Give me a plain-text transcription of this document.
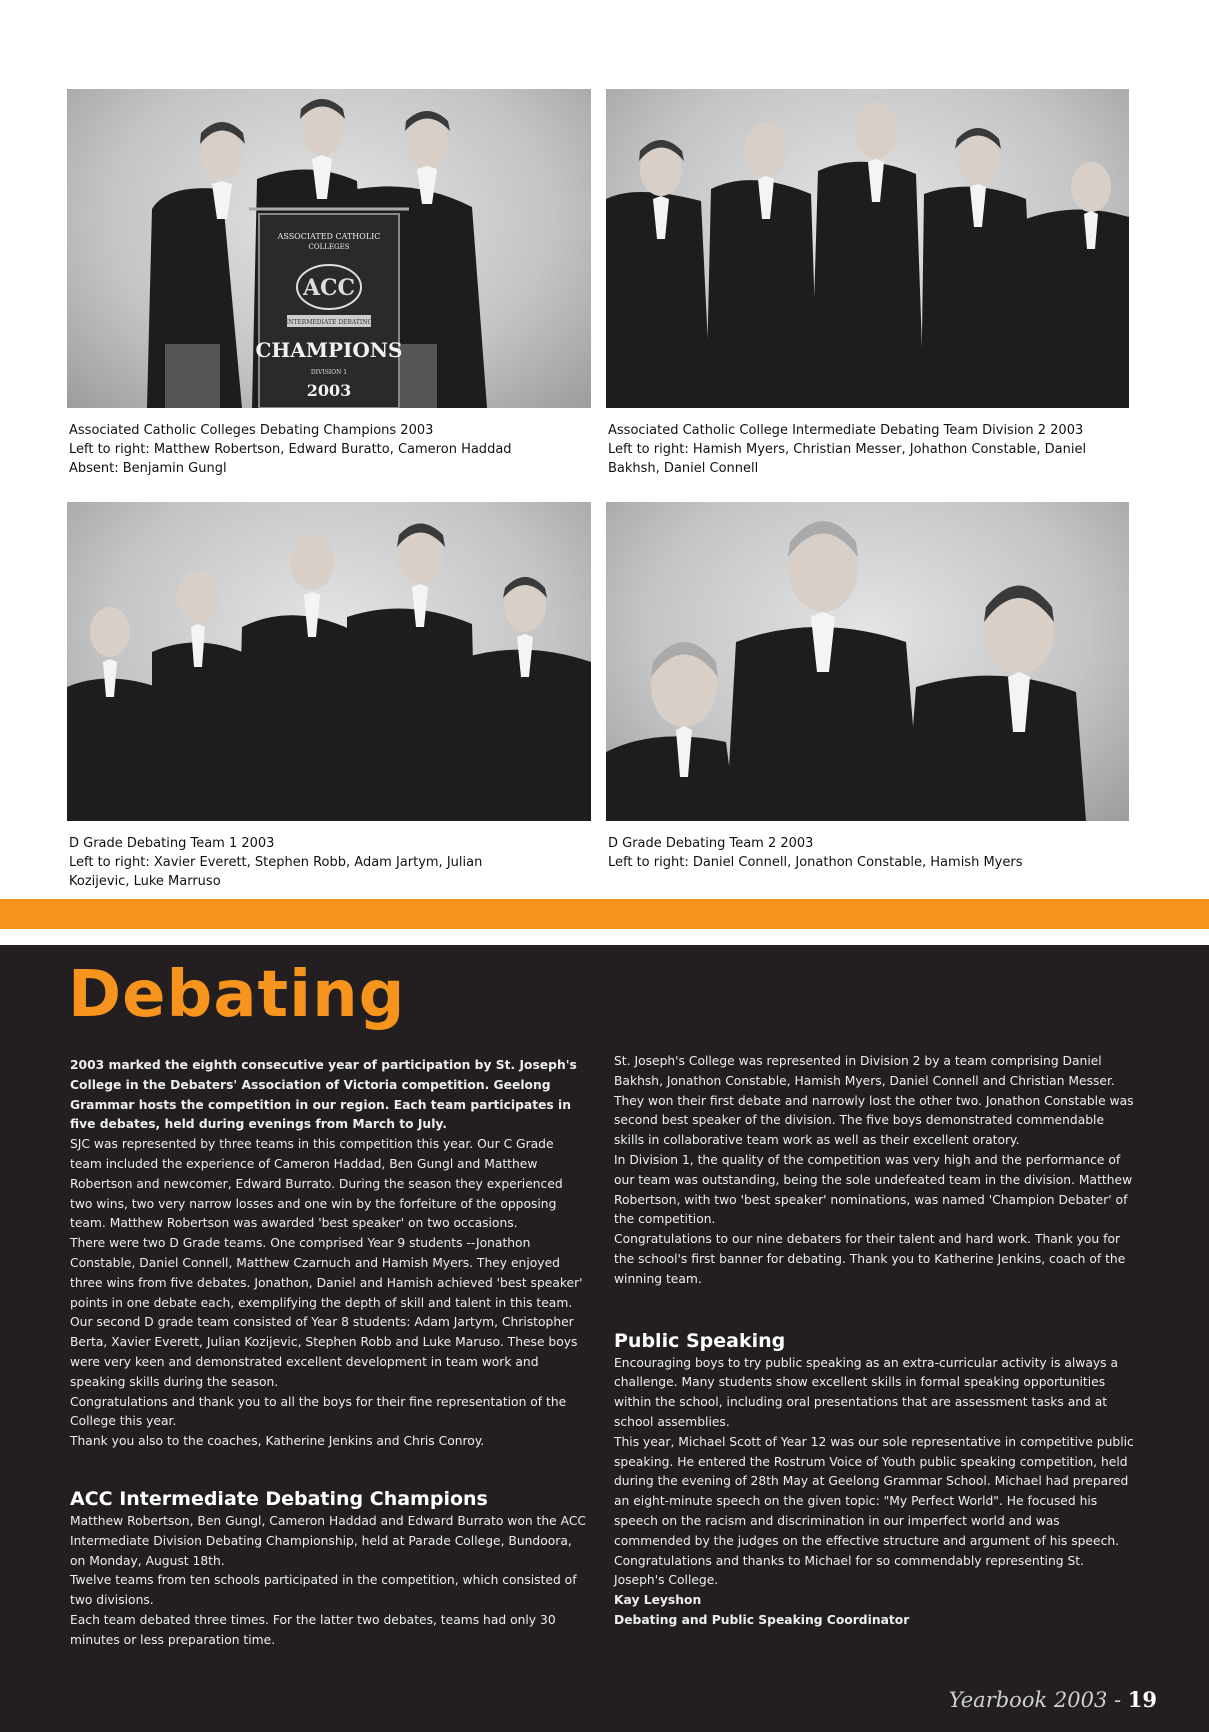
ASSOCIATED CATHOLIC
COLLEGES
ACC
INTERMEDIATE DEBATING
CHAMPIONS
DIVISION 1
2003
Associated Catholic Colleges Debating Champions 2003
Left to right: Matthew Robertson, Edward Buratto, Cameron Haddad
Absent: Benjamin Gungl
Associated Catholic College Intermediate Debating Team Division 2 2003
Left to right: Hamish Myers, Christian Messer, Johathon Constable, Daniel
Bakhsh, Daniel Connell
D Grade Debating Team 1 2003
Left to right: Xavier Everett, Stephen Robb, Adam Jartym, Julian
Kozijevic, Luke Marruso
D Grade Debating Team 2 2003
Left to right: Daniel Connell, Jonathon Constable, Hamish Myers
Debating

2003 marked the eighth consecutive year of participation by St. Joseph's College in the Debaters' Association of Victoria competition. Geelong Grammar hosts the competition in our region. Each team participates in five debates, held during evenings from March to July.

SJC was represented by three teams in this competition this year. Our C Grade team included the experience of Cameron Haddad, Ben Gungl and Matthew Robertson and newcomer, Edward Burrato. During the season they experienced two wins, two very narrow losses and one win by the forfeiture of the opposing team. Matthew Robertson was awarded 'best speaker' on two occasions.

There were two D Grade teams. One comprised Year 9 students --Jonathon Constable, Daniel Connell, Matthew Czarnuch and Hamish Myers. They enjoyed three wins from five debates. Jonathon, Daniel and Hamish achieved 'best speaker' points in one debate each, exemplifying the depth of skill and talent in this team.

Our second D grade team consisted of Year 8 students: Adam Jartym, Christopher Berta, Xavier Everett, Julian Kozijevic, Stephen Robb and Luke Maruso. These boys were very keen and demonstrated excellent development in team work and speaking skills during the season.

Congratulations and thank you to all the boys for their fine representation of the College this year.

Thank you also to the coaches, Katherine Jenkins and Chris Conroy.

ACC Intermediate Debating Champions

Matthew Robertson, Ben Gungl, Cameron Haddad and Edward Burrato won the ACC Intermediate Division Debating Championship, held at Parade College, Bundoora, on Monday, August 18th.

Twelve teams from ten schools participated in the competition, which consisted of two divisions.

Each team debated three times. For the latter two debates, teams had only 30 minutes or less preparation time.

St. Joseph's College was represented in Division 2 by a team comprising Daniel Bakhsh, Jonathon Constable, Hamish Myers, Daniel Connell and Christian Messer. They won their first debate and narrowly lost the other two. Jonathon Constable was second best speaker of the division. The five boys demonstrated commendable skills in collaborative team work as well as their excellent oratory.

In Division 1, the quality of the competition was very high and the performance of our team was outstanding, being the sole undefeated team in the division. Matthew Robertson, with two 'best speaker' nominations, was named 'Champion Debater' of the competition.

Congratulations to our nine debaters for their talent and hard work. Thank you for the school's first banner for debating. Thank you to Katherine Jenkins, coach of the winning team.

Public Speaking

Encouraging boys to try public speaking as an extra-curricular activity is always a challenge. Many students show excellent skills in formal speaking opportunities within the school, including oral presentations that are assessment tasks and at school assemblies.

This year, Michael Scott of Year 12 was our sole representative in competitive public speaking. He entered the Rostrum Voice of Youth public speaking competition, held during the evening of 28th May at Geelong Grammar School. Michael had prepared an eight-minute speech on the given topic: "My Perfect World". He focused his speech on the racism and discrimination in our imperfect world and was commended by the judges on the effective structure and argument of his speech.

Congratulations and thanks to Michael for so commendably representing St. Joseph's College.

Kay Leyshon

Debating and Public Speaking Coordinator

Yearbook 2003 - 19
